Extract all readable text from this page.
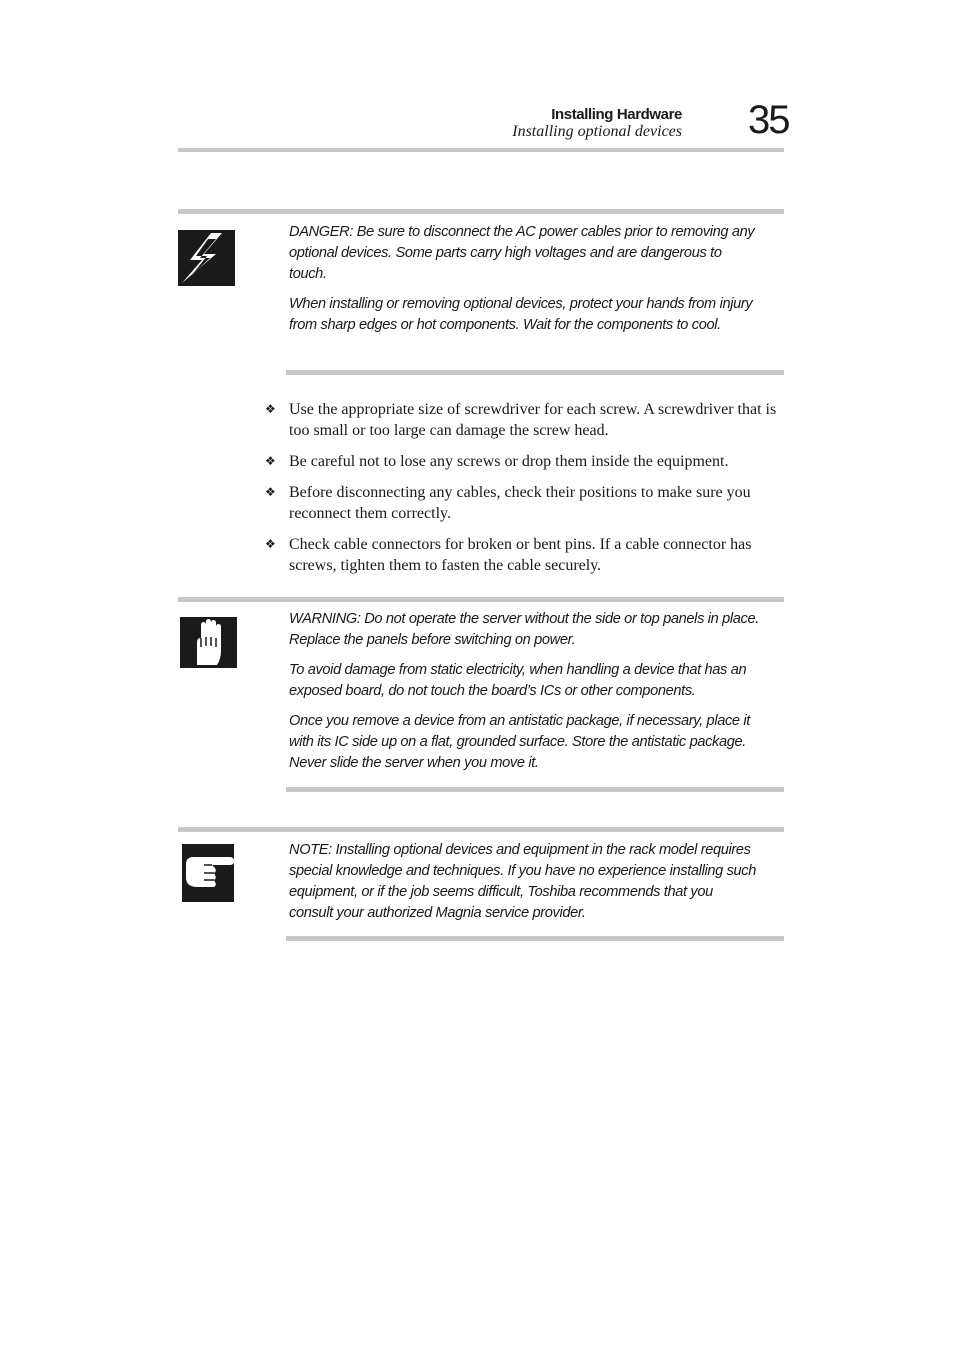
Installing Hardware
Installing optional devices 35

DANGER: Be sure to disconnect the AC power cables prior to removing any optional devices. Some parts carry high voltages and are dangerous to touch.

When installing or removing optional devices, protect your hands from injury from sharp edges or hot components. Wait for the components to cool.

❖ Use the appropriate size of screwdriver for each screw. A screwdriver that is too small or too large can damage the screw head.
❖ Be careful not to lose any screws or drop them inside the equipment.
❖ Before disconnecting any cables, check their positions to make sure you reconnect them correctly.
❖ Check cable connectors for broken or bent pins. If a cable connector has screws, tighten them to fasten the cable securely.

WARNING: Do not operate the server without the side or top panels in place. Replace the panels before switching on power.

To avoid damage from static electricity, when handling a device that has an exposed board, do not touch the board’s ICs or other components.

Once you remove a device from an antistatic package, if necessary, place it with its IC side up on a flat, grounded surface. Store the antistatic package. Never slide the server when you move it.

NOTE: Installing optional devices and equipment in the rack model requires special knowledge and techniques. If you have no experience installing such equipment, or if the job seems difficult, Toshiba recommends that you consult your authorized Magnia service provider.
